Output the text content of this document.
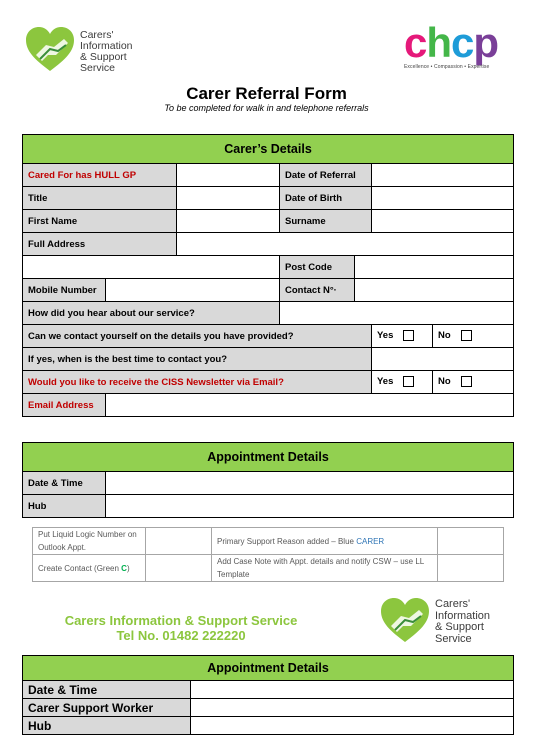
Carers'
Information
& Support
Service
chcp
Excellence • Compassion • Expertise
Carer Referral Form
To be completed for walk in and telephone referrals
Carer’s Details						
Cared For has HULL GP			Date of Referral			
Title			Date of Birth			
First Name			Surname			
Full Address						
			Post Code			
Mobile Number			Contact N°·			
How did you hear about our service?						
Can we contact yourself on the details you have provided?					Yes	No
If yes, when is the best time to contact you?						
Would you like to receive the CISS Newsletter via Email?					Yes	No
Email Address						
Appointment Details	
Date & Time	
Hub	
Put Liquid Logic Number on Outlook Appt.		Primary Support Reason added – Blue CARER	
Create Contact (Green C)		Add Case Note with Appt. details and notify CSW – use LL Template	
Carers Information & Support Service
Tel No. 01482 222220
Carers'
Information
& Support
Service
Appointment Details	
Date & Time	
Carer Support Worker	
Hub	
